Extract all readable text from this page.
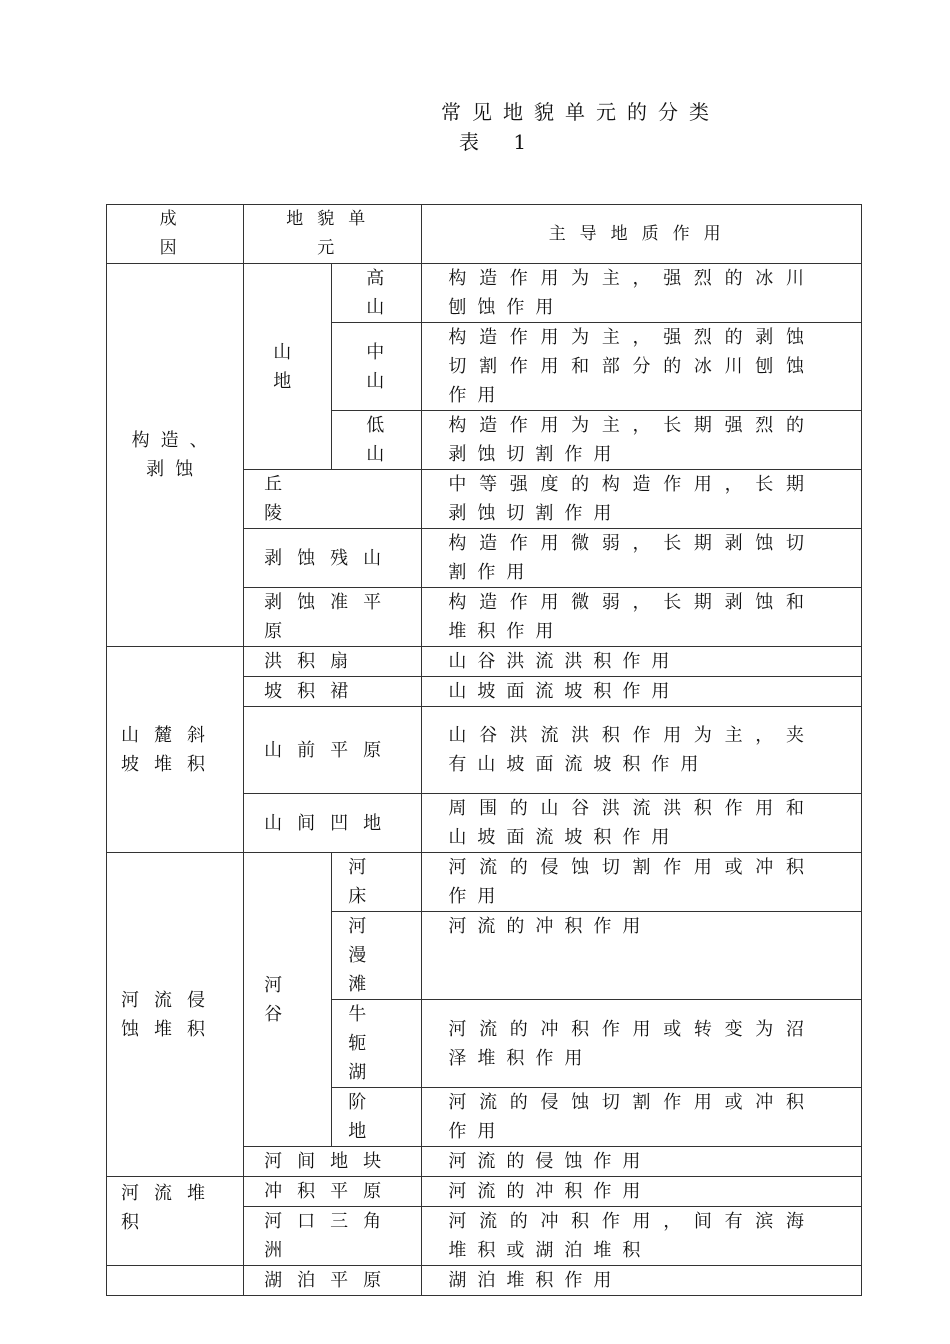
常见地貌单元的分类
表 1
成因	地貌单元		主导地质作用
构造、剥蚀	山地	高山	构造作用为主，强烈的冰川刨蚀作用
		中山	构造作用为主，强烈的剥蚀切割作用和部分的冰川刨蚀作用
		低山	构造作用为主，长期强烈的剥蚀切割作用
	丘陵		中等强度的构造作用，长期剥蚀切割作用
	剥蚀残山		构造作用微弱，长期剥蚀切割作用
	剥蚀准平原		构造作用微弱，长期剥蚀和堆积作用
山麓斜坡堆积	洪积扇		山谷洪流洪积作用
	坡积裙		山坡面流坡积作用
	山前平原		山谷洪流洪积作用为主，夹有山坡面流坡积作用
	山间凹地		周围的山谷洪流洪积作用和山坡面流坡积作用
河流侵蚀堆积	河谷	河床	河流的侵蚀切割作用或冲积作用
		河漫滩	河流的冲积作用
		牛轭湖	河流的冲积作用或转变为沼泽堆积作用
		阶地	河流的侵蚀切割作用或冲积作用
	河间地块		河流的侵蚀作用
河流堆积	冲积平原		河流的冲积作用
	河口三角洲		河流的冲积作用，间有滨海堆积或湖泊堆积
	湖泊平原		湖泊堆积作用
